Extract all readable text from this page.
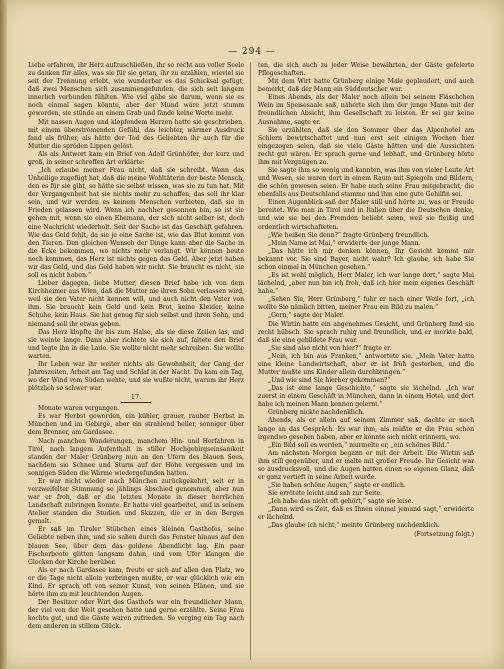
— 294 —

Liebe erfahren, ihr Herz aufzuschließen, ihr so recht aus voller Seele zu danken für alles, was sie für sie getan, ihr zu erzählen, wieviel sie seit der Trennung erlebt, wie wunderbar es das Schicksal gefügt, daß zwei Menschen sich zusammengefunden, die sich seit langem innerlich verbunden fühlten. Wie viel gäbe sie darum, wenn sie es noch einmal sagen könnte, aber der Mund wäre jetzt stumm geworden, sie stünde an einem Grab und fände keine Worte mehr.

Mit nassen Augen und klopfendem Herzen hatte sie geschrieben, mit einem überströmenden Gefühl, das leichter, wärmer Ausdruck fand als früher, als hätte der Tod des Geliebten ihr auch für die Mutter die spröden Lippen gelöst.

Als als Antwort kam ein Brief von Adolf Grünhöfer, der kurz und groß, in seiner schroffen Art erklärte:

„Ich erlaube meiner Frau nicht, daß sie schreibt. Wenn das Unheilige zugefügt hat, daß die meine Wohltäterin der beste Mensch, den es für sie gibt, so hätte sie selbst wissen, was sie zu tun hat. Mit der Vergangenheit hat sie nichts mehr zu schaffen, das soll ihr klar sein, und wir werden es keinem Menschen verbieten, daß sie in Frieden gelassen wird. Wenn ich nachher gesonnen bin, so ist sie gehen mit, wenn sie einen Ehemann, der sich nicht selber ist, doch eine Nachricht wiederholt. Seit der Sache ist das Geschäft gefahren. Wie das Geld fehlt, da sie je eine Sache ist, wie das Blut kommt von den Tieren. Den gleichen Wunsch der Dinge kann aber die Sache in die Ecke bekommen, wo nichts mehr verlangt. Wir können heute noch kommen, das Herz ist nichts gegen das Geld. Aber jetzt haben wir das Geld, und das Geld haben wir nicht. Sie braucht es nicht, sie soll es nicht haben.“

Lieber dagegen, liebe Mutter, diesen Brief habe ich von dem Kirchheimer aus Wien, daß die Mutter nie ihren Sohn verlassen wird, weil sie den Vater nicht kennen will, und auch nicht den Vater von ihm. Sie braucht kein Geld und kein Brot, keine Kleider, keine Schuhe, kein Haus. Sie hat genug für sich selbst und ihren Sohn, und niemand soll ihr etwas geben.

Das Herz klopfte ihr bis zum Halse, als sie diese Zeilen las, und sie weinte lange. Dann aber richtete sie sich auf, faltete den Brief und legte ihn in die Lade. Sie wollte nicht mehr schreiben. Sie wollte warten.

Ihr Leben war ihr weiter nichts als Gewohnheit, der Gang der Jahreszeiten, Arbeit am Tag und Schlaf in der Nacht. Da kam ein Tag, wo der Wind vom Süden wehte, und sie wußte nicht, warum ihr Herz plötzlich so schwer war.

17.

Monate waren vergangen.

Es war Herbst geworden, ein kühler, grauer, rauher Herbst in München und im Gebirge, aber ein strahlend heller, sonniger über dem Brenner, am Gardasee.

Nach manchen Wanderungen, manchem Hin- und Herfahren in Tirol, nach langem Aufenthalt in stiller Hochgebirgseinsamkeit standen der Maler Grünberg nun an den Ufern des blauen Sees, nachdem sie Schnee und Sturm auf der Höhe vergessen und im sonnigen Süden die Wärme wiedergefunden hatten.

Er war nicht wieder nach München zurückgekehrt, seit er in verzweifelter Stimmung so jählings Abschied genommen, aber nun war er froh, daß er die letzten Monate in dieser herrlichen Landschaft zubringen konnte. Er hatte viel gearbeitet, und in seinem Atelier standen die Studien und Skizzen, die er in den Bergen gemalt.

Er saß im Tiroler Stübchen eines kleinen Gasthofes, seine Geliebte neben ihm, und sie sahen durch das Fenster hinaus auf den blauen See, über dem das goldene Abendlicht lag. Ein paar Fischerboote glitten langsam dahin, und vom Ufer klangen die Glocken der Kirche herüber.

Als er nach Gardasee kam, freute er sich auf allen den Platz, wo er die Tage nicht allein verbringen mußte, er war glücklich wie ein Kind. Er sprach oft von seiner Kunst, von seinen Plänen, und sie hörte ihm zu mit leuchtenden Augen.

Der Besitzer oder Wirt des Gasthofs war ein freundlicher Mann, der viel von der Welt gesehen hatte und gerne erzählte. Seine Frau kochte gut, und die Gäste waren zufrieden. So verging ein Tag nach dem anderen in stillem Glück.

ten, die sich auch zu jeder Weise bewährten, der Gäste gefeierte Pflegeschaften.

Mit dem Wirt hatte Grünberg einige Male geplaudert, und auch bemerkt, daß der Mann ein Süddeutscher war.

Eines Abends, als der Maler noch allein bei seinem Fläschchen Wein im Speisesaale saß, näherte sich ihm der junge Mann mit der freundlichen Absicht, ihm Gesellschaft zu leisten. Er sei gar keine Ausnahme, sagte er.

Sie erzählten, daß sie den Sommer über das Alpenhotel am Schlern bewirtschaftet und nun erst seit einigen Wochen hier eingezogen seien, daß sie viele Gäste hätten und die Aussichten recht gut wären. Er sprach gerne und lebhaft, und Grünberg hörte ihm mit Vergnügen zu.

Sie sagte ihm so wenig und kannten, was ihm von vieler Leute Art und Wesen, sie waren dort in einem Raum mit Spiegeln und Bildern, die schön gewesen seien. Er habe auch seine Frau mitgebracht, die ebenfalls aus Deutschland stamme und ihm eine gute Gehilfin sei.

Einen Augenblick saß der Maler still und hörte zu, was er Freude bereitet. Wie man in Tirol und in Italien über die Deutschen denke, und wie sie bei den Fremden beliebt seien, weil sie fleißig und ordentlich wirtschafteten.

„Wie heißen Sie denn?“ fragte Grünberg freundlich.

„Mein Name ist Mai,“ erwiderte der junge Mann.

„Das hätte ich mir denken können, Ihr Gesicht kommt mir bekannt vor. Sie sind Bayer, nicht wahr? Ich glaube, ich habe Sie schon einmal in München gesehen.“

„Es ist wohl möglich, Herr Maler, ich war lange dort,“ sagte Mai lächelnd, „aber nun bin ich froh, daß ich hier mein eigenes Geschäft habe.“

„Sehen Sie, Herr Grünberg,“ fuhr er nach einer Weile fort, „ich wollte Sie nämlich bitten, meiner Frau ein Bild zu malen.“

„Gern,“ sagte der Maler.

Die Wirtin hatte ein angenehmes Gesicht, und Grünberg fand sie recht hübsch. Sie sprach ruhig und freundlich, und er merkte bald, daß sie eine gebildete Frau war.

„Sie sind also nicht von hier?“ fragte er.

„Nein, ich bin aus Franken,“ antwortete sie. „Mein Vater hatte eine kleine Landwirtschaft, aber er ist früh gestorben, und die Mutter mußte uns Kinder allein durchbringen.“

„Und wie sind Sie hierher gekommen?“

„Das ist eine lange Geschichte,“ sagte sie lächelnd. „Ich war zuerst in einem Geschäft in München, dann in einem Hotel, und dort habe ich meinen Mann kennen gelernt.“

Grünberg nickte nachdenklich.

Abends, als er allein auf seinem Zimmer saß, dachte er noch lange an das Gespräch. Es war ihm, als müßte er die Frau schon irgendwo gesehen haben, aber er konnte sich nicht erinnern, wo.

„Ein Bild soll es werden,“ murmelte er, „ein schönes Bild.“

Am nächsten Morgen begann er mit der Arbeit. Die Wirtin saß ihm still gegenüber, und er malte mit großer Freude. Ihr Gesicht war so ausdrucksvoll, und die Augen hatten einen so eigenen Glanz, daß er ganz vertieft in seine Arbeit wurde.

„Sie haben schöne Augen,“ sagte er endlich.

Sie errötete leicht und sah zur Seite.

„Ich habe das nicht oft gehört,“ sagte sie leise.

„Dann wird es Zeit, daß es Ihnen einmal jemand sagt,“ erwiderte er lächelnd.

„Das glaube ich nicht,“ meinte Grünberg nachdenklich.

(Fortsetzung folgt.)
